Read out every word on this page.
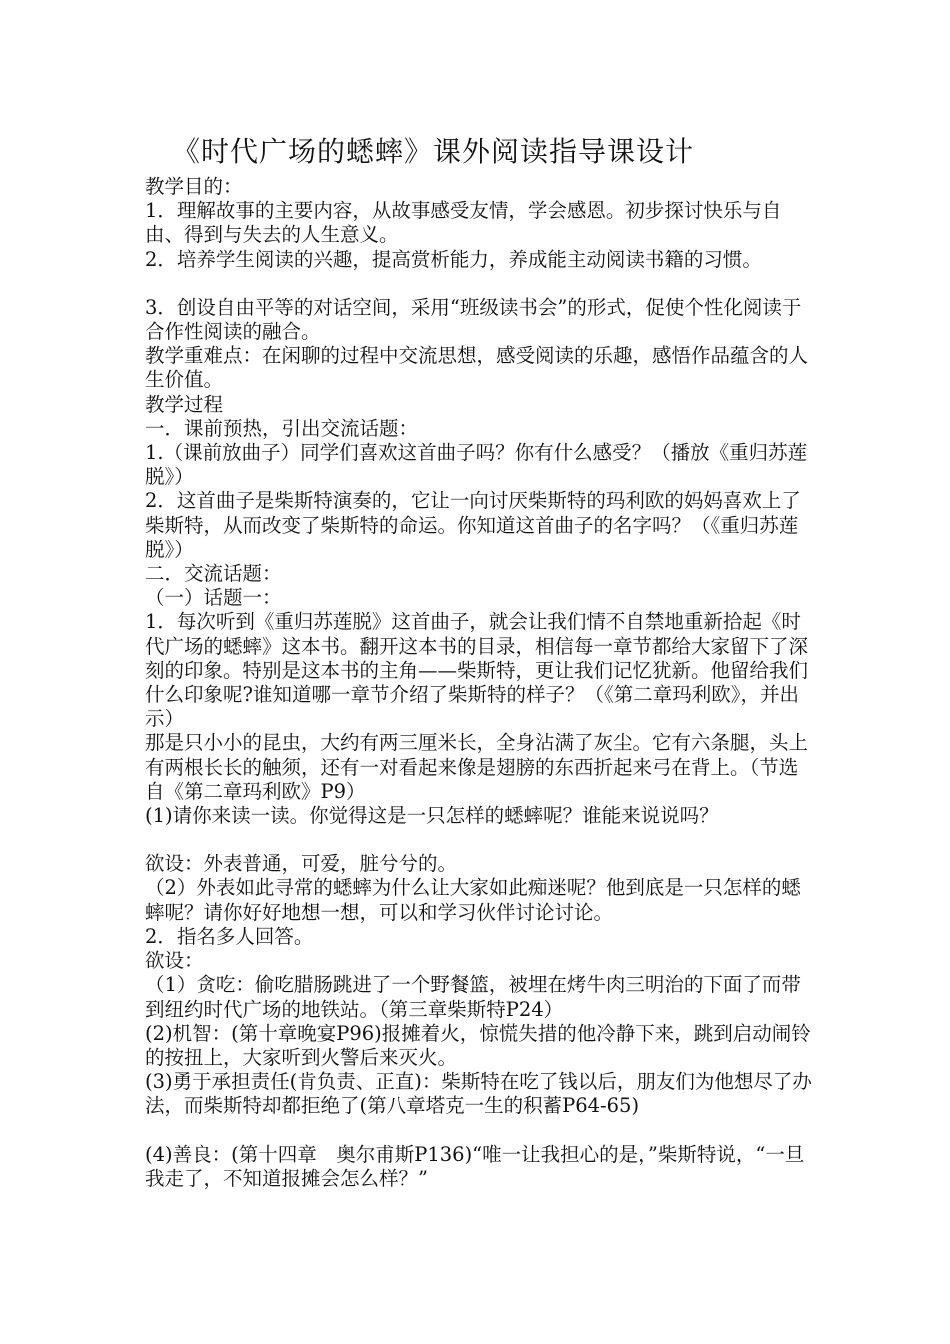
《时代广场的蟋蟀》课外阅读指导课设计

教学目的：

1．理解故事的主要内容，从故事感受友情，学会感恩。初步探讨快乐与自由、得到与失去的人生意义。

2．培养学生阅读的兴趣，提高赏析能力，养成能主动阅读书籍的习惯。

3．创设自由平等的对话空间，采用“班级读书会”的形式，促使个性化阅读于合作性阅读的融合。

教学重难点：在闲聊的过程中交流思想，感受阅读的乐趣，感悟作品蕴含的人生价值。

教学过程

一．课前预热，引出交流话题：

1.（课前放曲子）同学们喜欢这首曲子吗？你有什么感受？（播放《重归苏莲脱》）

2．这首曲子是柴斯特演奏的，它让一向讨厌柴斯特的玛利欧的妈妈喜欢上了柴斯特，从而改变了柴斯特的命运。你知道这首曲子的名字吗？（《重归苏莲脱》）

二．交流话题：

（一）话题一：

1．每次听到《重归苏莲脱》这首曲子，就会让我们情不自禁地重新拾起《时代广场的蟋蟀》这本书。翻开这本书的目录，相信每一章节都给大家留下了深刻的印象。特别是这本书的主角——柴斯特，更让我们记忆犹新。他留给我们什么印象呢?谁知道哪一章节介绍了柴斯特的样子？（《第二章玛利欧》，并出示）

那是只小小的昆虫，大约有两三厘米长，全身沾满了灰尘。它有六条腿，头上有两根长长的触须，还有一对看起来像是翅膀的东西折起来弓在背上。（节选自《第二章玛利欧》P9）

(1)请你来读一读。你觉得这是一只怎样的蟋蟀呢？谁能来说说吗？

欲设：外表普通，可爱，脏兮兮的。

（2）外表如此寻常的蟋蟀为什么让大家如此痴迷呢？他到底是一只怎样的蟋蟀呢？请你好好地想一想，可以和学习伙伴讨论讨论。

2．指名多人回答。

欲设：

（1）贪吃：偷吃腊肠跳进了一个野餐篮，被埋在烤牛肉三明治的下面了而带到纽约时代广场的地铁站。（第三章柴斯特P24）

(2)机智：(第十章晚宴P96)报摊着火，惊慌失措的他冷静下来，跳到启动闹铃的按扭上，大家听到火警后来灭火。

(3)勇于承担责任(肯负责、正直)：柴斯特在吃了钱以后，朋友们为他想尽了办法，而柴斯特却都拒绝了(第八章塔克一生的积蓄P64-65)

(4)善良：(第十四章　奥尔甫斯P136)“唯一让我担心的是，”柴斯特说，“一旦我走了，不知道报摊会怎么样？”
